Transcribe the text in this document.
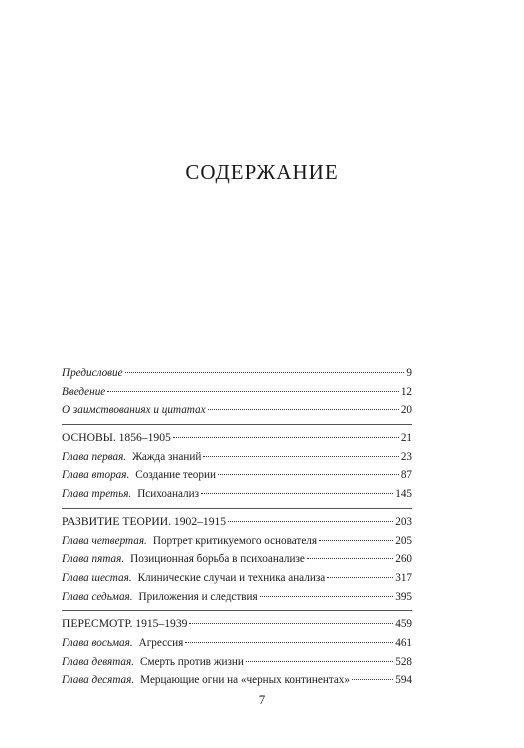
СОДЕРЖАНИЕ
Предисловие	9
Введение	12
О заимствованиях и цитатах	20
ОСНОВЫ. 1856–1905	21
Глава первая. Жажда знаний	23
Глава вторая. Создание теории	87
Глава третья. Психоанализ	145
РАЗВИТИЕ ТЕОРИИ. 1902–1915	203
Глава четвертая. Портрет критикуемого основателя	205
Глава пятая. Позиционная борьба в психоанализе	260
Глава шестая. Клинические случаи и техника анализа	317
Глава седьмая. Приложения и следствия	395
ПЕРЕСМОТР. 1915–1939	459
Глава восьмая. Агрессия	461
Глава девятая. Смерть против жизни	528
Глава десятая. Мерцающие огни на «черных континентах»	594
7
